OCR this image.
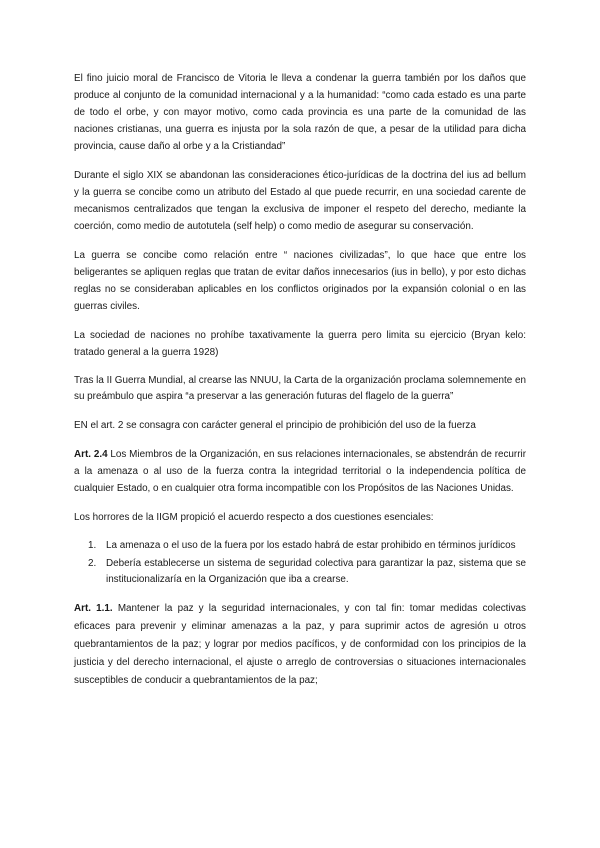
El fino juicio moral de Francisco de Vitoria le lleva a condenar la guerra también por los daños que produce al conjunto de la comunidad internacional y a la humanidad: “como cada estado es una parte de todo el orbe, y con mayor motivo, como cada provincia es una parte de la comunidad de las naciones cristianas, una guerra es injusta por la sola razón de que, a pesar de la utilidad para dicha provincia, cause daño al orbe y a la Cristiandad”

Durante el siglo XIX se abandonan las consideraciones ético-jurídicas de la doctrina del ius ad bellum y la guerra se concibe como un atributo del Estado al que puede recurrir, en una sociedad carente de mecanismos centralizados que tengan la exclusiva de imponer el respeto del derecho, mediante la coerción, como medio de autotutela (self help) o como medio de asegurar su conservación.

La guerra se concibe como relación entre “ naciones civilizadas”, lo que hace que entre los beligerantes se apliquen reglas que tratan de evitar daños innecesarios (ius in bello), y por esto dichas reglas no se consideraban aplicables en los conflictos originados por la expansión colonial o en las guerras civiles.

La sociedad de naciones no prohíbe taxativamente la guerra pero limita su ejercicio (Bryan kelo: tratado general a la guerra 1928)

Tras la II Guerra Mundial, al crearse las NNUU, la Carta de la organización proclama solemnemente en su preámbulo que aspira “a preservar a las generación futuras del flagelo de la guerra”

EN el art. 2 se consagra con carácter general el principio de prohibición del uso de la fuerza

Art. 2.4 Los Miembros de la Organización, en sus relaciones internacionales, se abstendrán de recurrir a la amenaza o al uso de la fuerza contra la integridad territorial o la independencia política de cualquier Estado, o en cualquier otra forma incompatible con los Propósitos de las Naciones Unidas.

Los horrores de la IIGM propició el acuerdo respecto a dos cuestiones esenciales:

1. La amenaza o el uso de la fuera por los estado habrá de estar prohibido en términos jurídicos
2. Debería establecerse un sistema de seguridad colectiva para garantizar la paz, sistema que se institucionalizaría en la Organización que iba a crearse.

Art. 1.1. Mantener la paz y la seguridad internacionales, y con tal fin: tomar medidas colectivas eficaces para prevenir y eliminar amenazas a la paz, y para suprimir actos de agresión u otros quebrantamientos de la paz; y lograr por medios pacíficos, y de conformidad con los principios de la justicia y del derecho internacional, el ajuste o arreglo de controversias o situaciones internacionales susceptibles de conducir a quebrantamientos de la paz;
